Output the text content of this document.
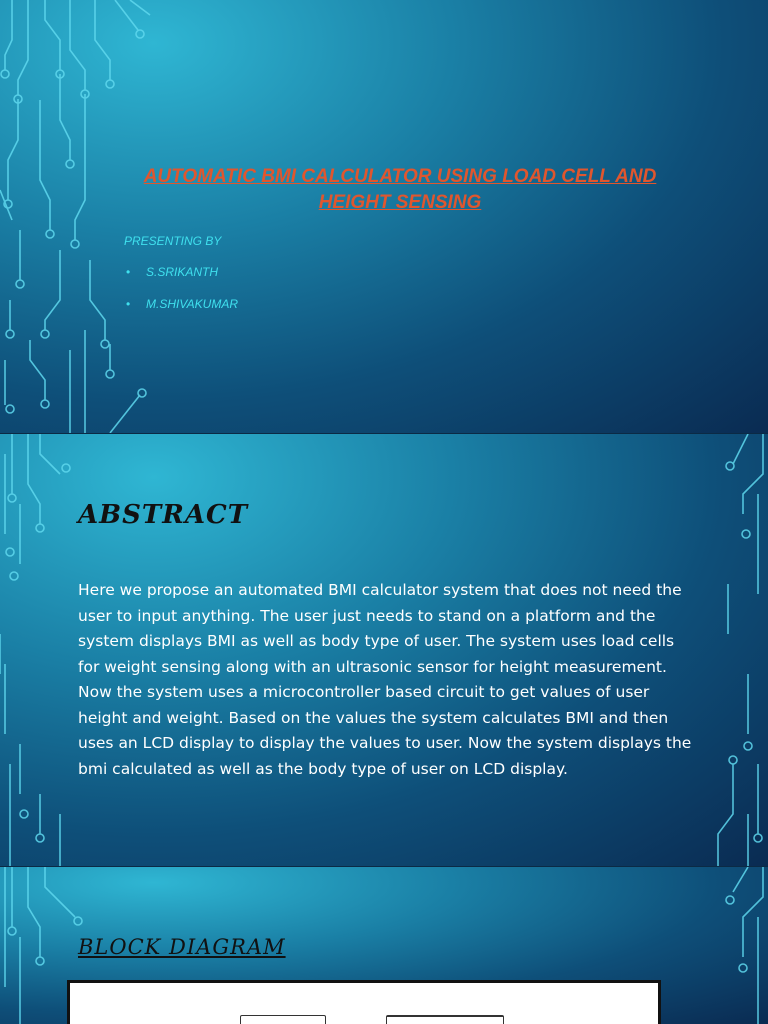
AUTOMATIC BMI CALCULATOR USING LOAD CELL AND HEIGHT SENSING
PRESENTING BY
• S.SRIKANTH
• M.SHIVAKUMAR
ABSTRACT
Here we propose an automated BMI calculator system that does not need the user to input anything. The user just needs to stand on a platform and the system displays BMI as well as body type of user. The system uses load cells for weight sensing along with an ultrasonic sensor for height measurement. Now the system uses a microcontroller based circuit to get values of user height and weight. Based on the values the system calculates BMI and then uses an LCD display to display the values to user. Now the system displays the bmi calculated as well as the body type of user on LCD display.
BLOCK DIAGRAM
